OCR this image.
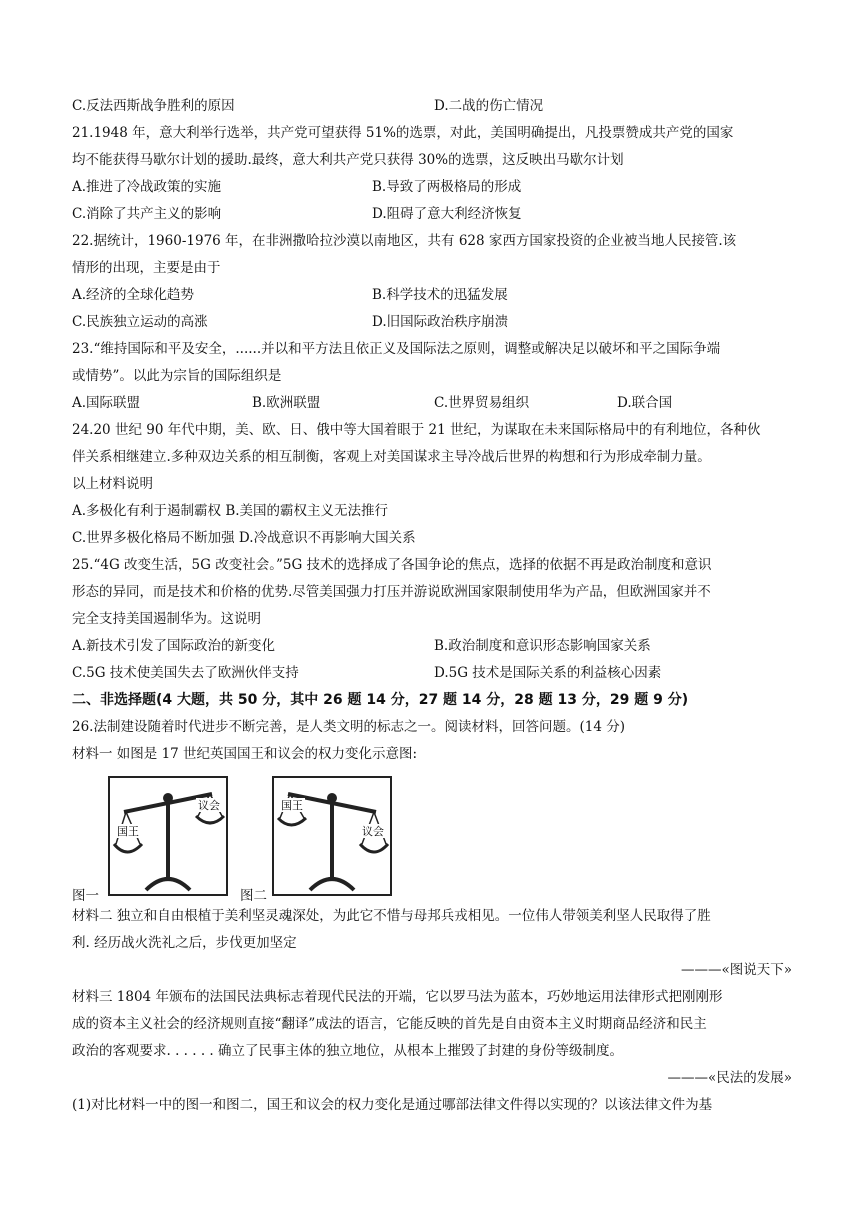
C.反法西斯战争胜利的原因	D.二战的伤亡情况
21.1948 年，意大利举行选举，共产党可望获得 51%的选票，对此，美国明确提出，凡投票赞成共产党的国家
均不能获得马歇尔计划的援助.最终，意大利共产党只获得 30%的选票，这反映出马歇尔计划
A.推进了冷战政策的实施	B.导致了两极格局的形成
C.消除了共产主义的影响	D.阻碍了意大利经济恢复
22.据统计，1960-1976 年，在非洲撒哈拉沙漠以南地区，共有 628 家西方国家投资的企业被当地人民接管.该
情形的出现，主要是由于
A.经济的全球化趋势	B.科学技术的迅猛发展
C.民族独立运动的高涨	D.旧国际政治秩序崩溃
23.“维持国际和平及安全，......并以和平方法且依正义及国际法之原则，调整或解决足以破坏和平之国际争端
或情势”。以此为宗旨的国际组织是
A.国际联盟	B.欧洲联盟	C.世界贸易组织	D.联合国
24.20 世纪 90 年代中期，美、欧、日、俄中等大国着眼于 21 世纪，为谋取在未来国际格局中的有利地位，各种伙
伴关系相继建立.多种双边关系的相互制衡，客观上对美国谋求主导冷战后世界的构想和行为形成牵制力量。
以上材料说明
A.多极化有利于遏制霸权 B.美国的霸权主义无法推行
C.世界多极化格局不断加强 D.冷战意识不再影响大国关系
25.“4G 改变生活，5G 改变社会。”5G 技术的选择成了各国争论的焦点，选择的依据不再是政治制度和意识
形态的异同，而是技术和价格的优势.尽管美国强力打压并游说欧洲国家限制使用华为产品，但欧洲国家并不
完全支持美国遏制华为。这说明
A.新技术引发了国际政治的新变化	B.政治制度和意识形态影响国家关系
C.5G 技术使美国失去了欧洲伙伴支持	D.5G 技术是国际关系的利益核心因素
二、非选择题(4 大题，共 50 分，其中 26 题 14 分，27 题 14 分，28 题 13 分，29 题 9 分)
26.法制建设随着时代进步不断完善，是人类文明的标志之一。阅读材料，回答问题。(14 分)
材料一 如图是 17 世纪英国国王和议会的权力变化示意图:
图一
国王
议会
图二
国王
议会
材料二 独立和自由根植于美利坚灵魂深处，为此它不惜与母邦兵戎相见。一位伟人带领美利坚人民取得了胜
利. 经历战火洗礼之后，步伐更加坚定
———«图说天下»
材料三 1804 年颁布的法国民法典标志着现代民法的开端，它以罗马法为蓝本，巧妙地运用法律形式把刚刚形
成的资本主义社会的经济规则直接“翻译”成法的语言，它能反映的首先是自由资本主义时期商品经济和民主
政治的客观要求. . . . . . 确立了民事主体的独立地位，从根本上摧毁了封建的身份等级制度。
———«民法的发展»
(1)对比材料一中的图一和图二，国王和议会的权力变化是通过哪部法律文件得以实现的？以该法律文件为基
